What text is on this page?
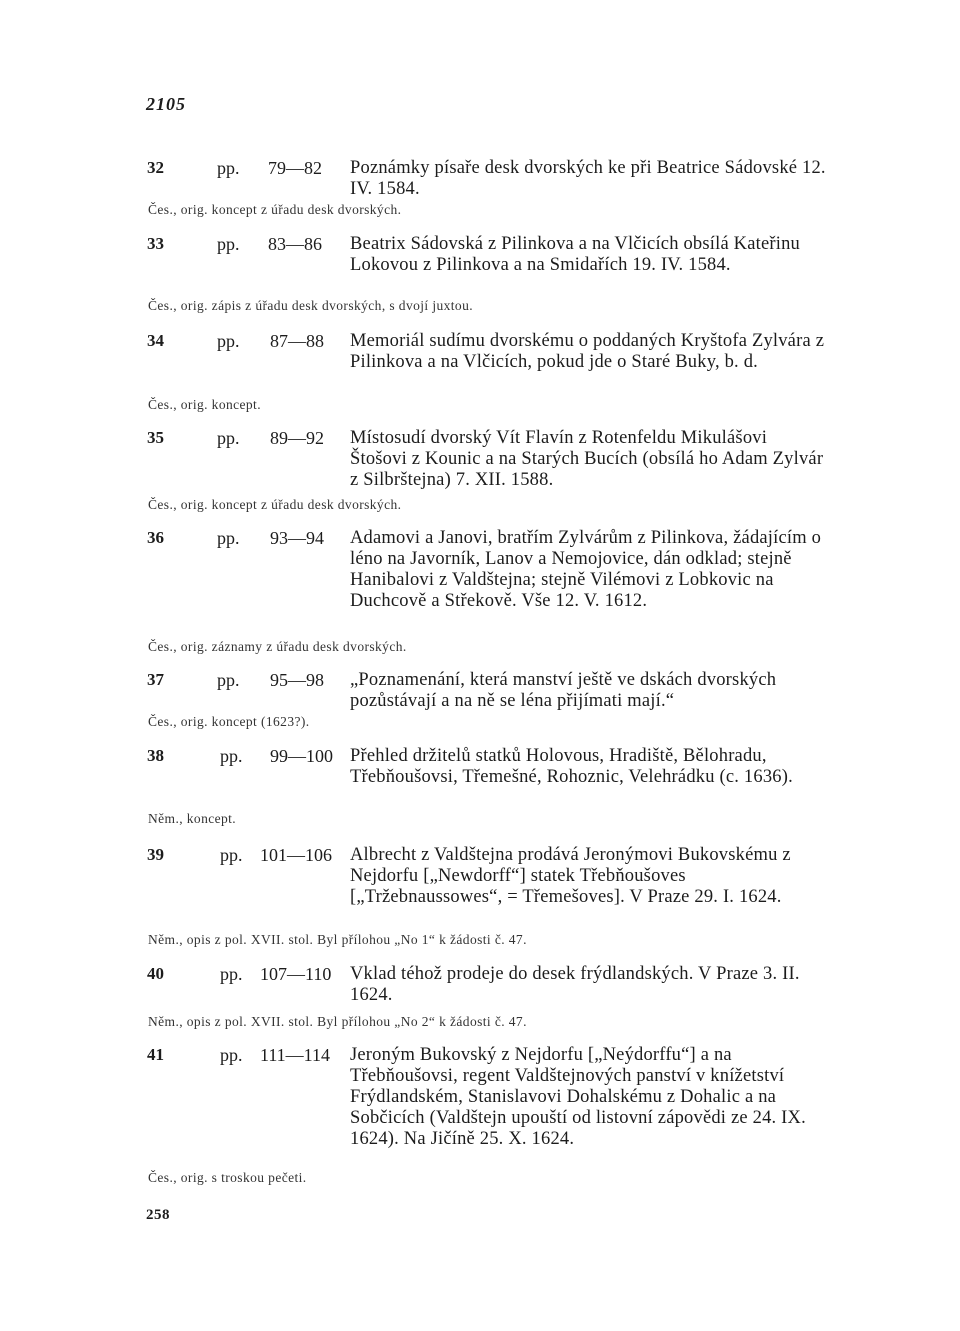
2105
32	pp. 79—82 Poznámky písaře desk dvorských ke při Beatrice Sádovské 12. IV. 1584.
Čes., orig. koncept z úřadu desk dvorských.
33	pp. 83—86 Beatrix Sádovská z Pilinkova a na Vlčicích obsílá Kateřinu Lokovou z Pilinkova a na Smidařích 19. IV. 1584.
Čes., orig. zápis z úřadu desk dvorských, s dvojí juxtou.
34	pp. 87—88 Memoriál sudímu dvorskému o poddaných Kryštofa Zylvára z Pilinkova a na Vlčicích, pokud jde o Staré Buky, b. d.
Čes., orig. koncept.
35	pp. 89—92 Místosudí dvorský Vít Flavín z Rotenfeldu Mikulášovi Štošovi z Kounic a na Starých Bucích (obsílá ho Adam Zylvár z Silbrštejna) 7. XII. 1588.
Čes., orig. koncept z úřadu desk dvorských.
36	pp. 93—94 Adamovi a Janovi, bratřím Zylvárům z Pilinkova, žádajícím o léno na Javorník, Lanov a Nemojovice, dán odklad; stejně Hanibalovi z Valdštejna; stejně Vilémovi z Lobkovic na Duchcově a Střekově. Vše 12. V. 1612.
Čes., orig. záznamy z úřadu desk dvorských.
37	pp. 95—98 „Poznamenání, která manství ještě ve dskách dvorských pozůstávají a na ně se léna přijímati mají.“
Čes., orig. koncept (1623?).
38	pp. 99—100 Přehled držitelů statků Holovous, Hradiště, Bělohradu, Třebňoušovsi, Třemešné, Rohoznic, Velehrádku (c. 1636).
Něm., koncept.
39	pp. 101—106 Albrecht z Valdštejna prodává Jeronýmovi Bukovskému z Nejdorfu [„Newdorff“] statek Třebňoušoves [„Tržebnaussowes“, = Třemešoves]. V Praze 29. I. 1624.
Něm., opis z pol. XVII. stol. Byl přílohou „No 1“ k žádosti č. 47.
40	pp. 107—110 Vklad téhož prodeje do desek frýdlandských. V Praze 3. II. 1624.
Něm., opis z pol. XVII. stol. Byl přílohou „No 2“ k žádosti č. 47.
41	pp. 111—114 Jeroným Bukovský z Nejdorfu [„Neýdorffu“] a na Třebňoušovsi, regent Valdštejnových panství v knížetství Frýdlandském, Stanislavovi Dohalskému z Dohalic a na Sobčicích (Valdštejn upouští od listovní zápovědi ze 24. IX. 1624). Na Jičíně 25. X. 1624.
Čes., orig. s troskou pečeti.
258
